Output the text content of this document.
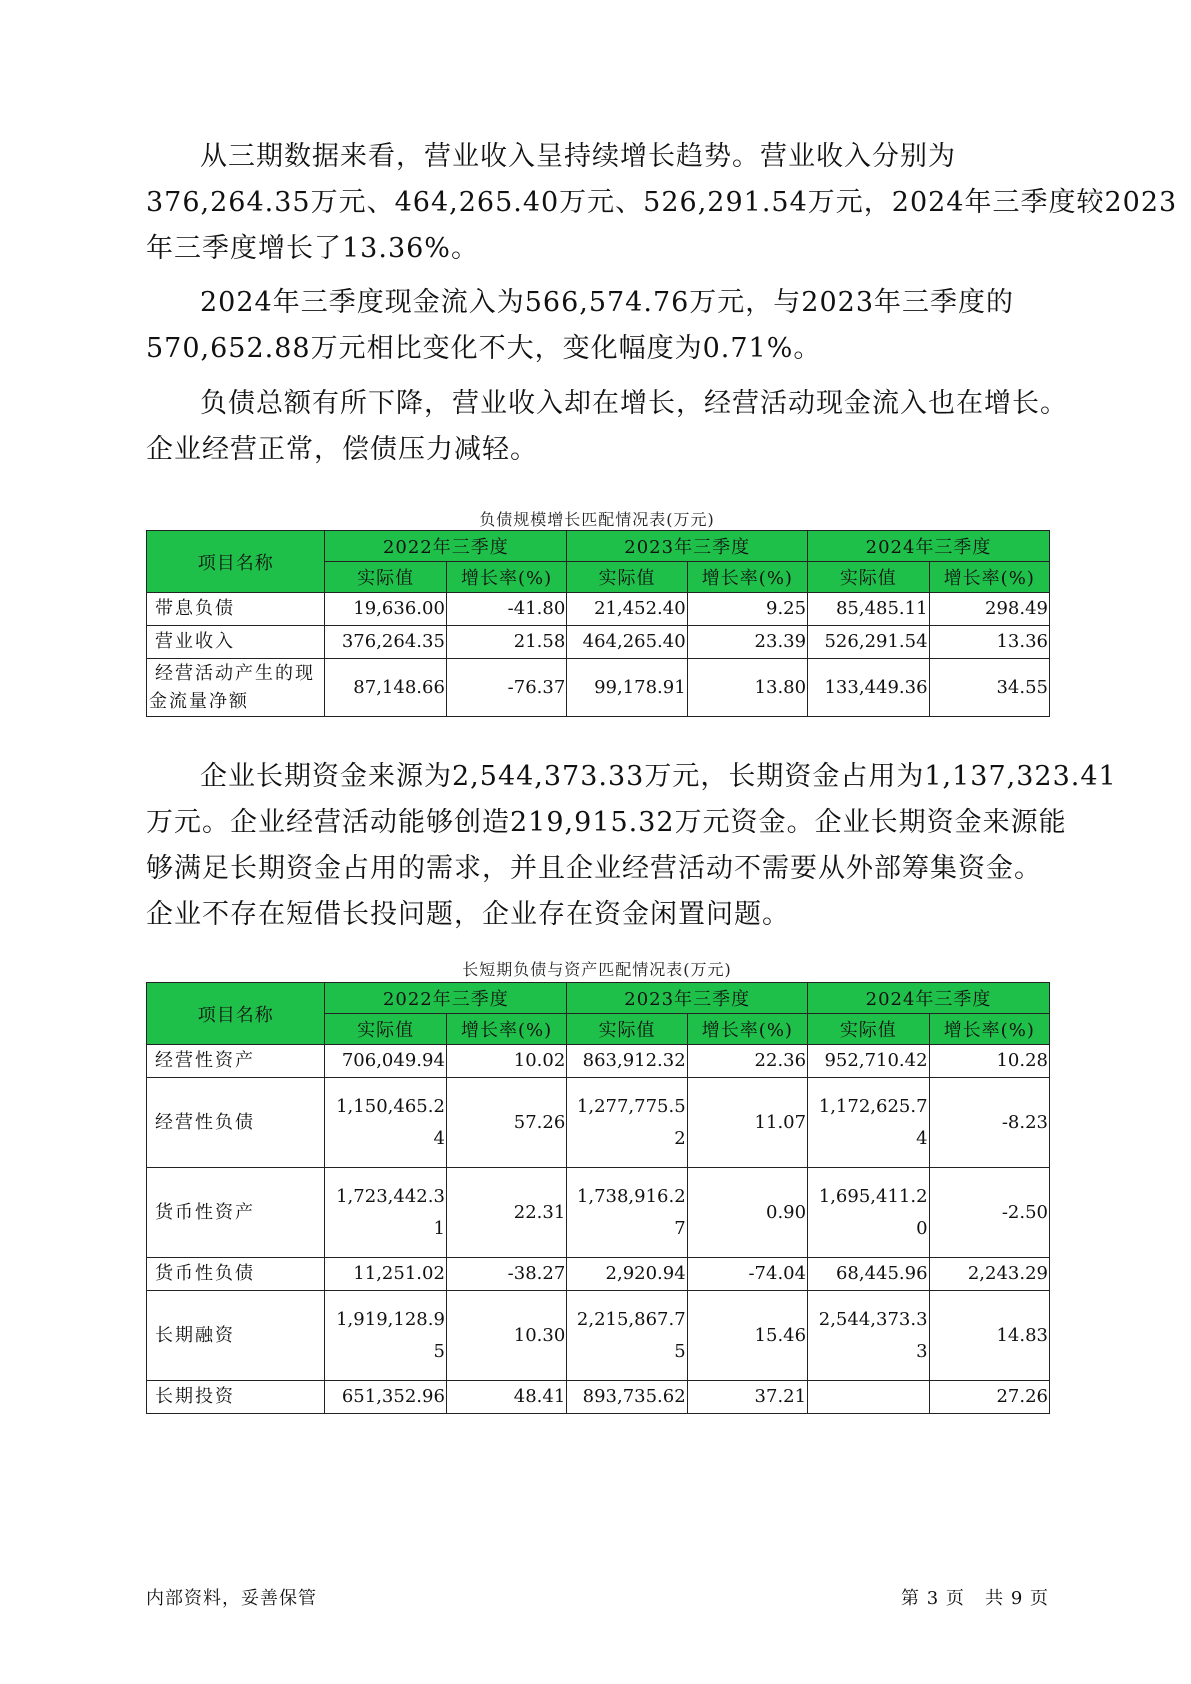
从三期数据来看，营业收入呈持续增长趋势。营业收入分别为
376,264.35万元、464,265.40万元、526,291.54万元，2024年三季度较2023
年三季度增长了13.36%。

2024年三季度现金流入为566,574.76万元，与2023年三季度的
570,652.88万元相比变化不大，变化幅度为0.71%。

负债总额有所下降，营业收入却在增长，经营活动现金流入也在增长。
企业经营正常，偿债压力减轻。

负债规模增长匹配情况表(万元)
项目名称	2022年三季度		2023年三季度		2024年三季度	
	实际值	增长率(%)	实际值	增长率(%)	实际值	增长率(%)

带息负债	19,636.00	-41.80	21,452.40	9.25	85,485.11	298.49

营业收入	376,264.35	21.58	464,265.40	23.39	526,291.54	13.36

经营活动产生的现
金流量净额	87,148.66	-76.37	99,178.91	13.80	133,449.36	34.55

企业长期资金来源为2,544,373.33万元，长期资金占用为1,137,323.41
万元。企业经营活动能够创造219,915.32万元资金。企业长期资金来源能
够满足长期资金占用的需求，并且企业经营活动不需要从外部筹集资金。
企业不存在短借长投问题，企业存在资金闲置问题。

长短期负债与资产匹配情况表(万元)
项目名称	2022年三季度		2023年三季度		2024年三季度	
	实际值	增长率(%)	实际值	增长率(%)	实际值	增长率(%)

经营性资产	706,049.94	10.02	863,912.32	22.36	952,710.42	10.28

经营性负债	1,150,465.24	57.26	1,277,775.52	11.07	1,172,625.74	-8.23

货币性资产	1,723,442.31	22.31	1,738,916.27	0.90	1,695,411.20	-2.50

货币性负债	11,251.02	-38.27	2,920.94	-74.04	68,445.96	2,243.29

长期融资	1,919,128.95	10.30	2,215,867.75	15.46	2,544,373.33	14.83

长期投资	651,352.96	48.41	893,735.62	37.21		27.26
内部资料，妥善保管	第 3 页   共 9 页
